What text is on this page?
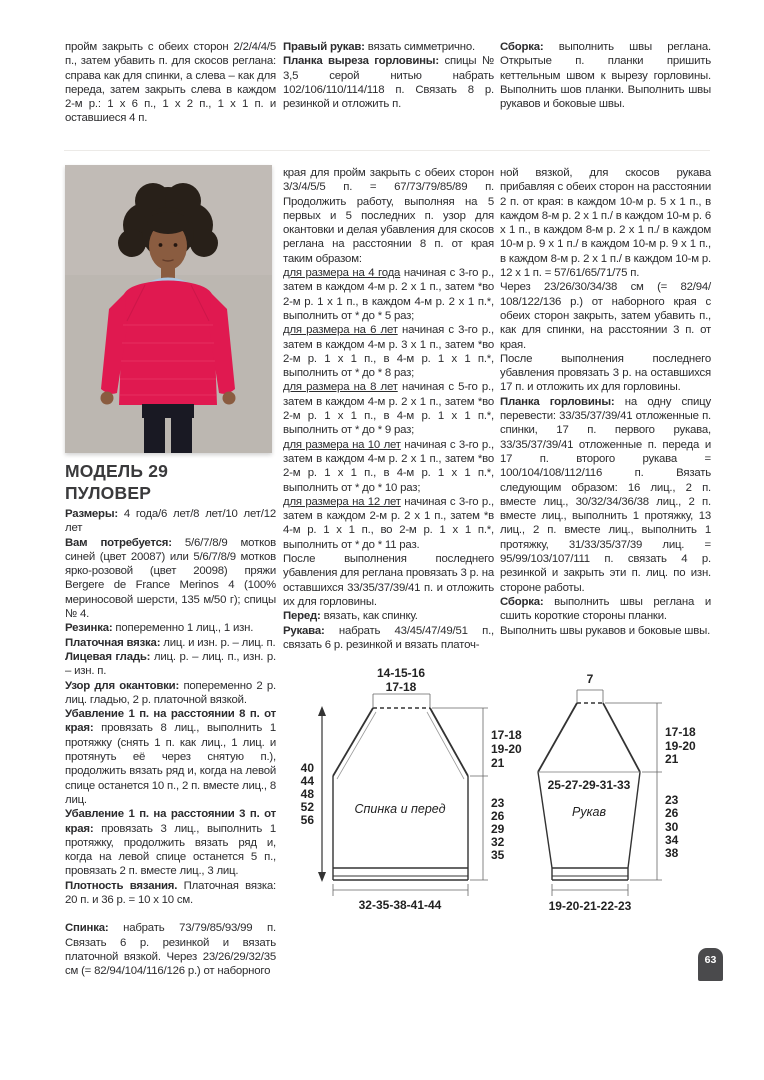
пройм закрыть с обеих сторон 2/2/4/4/5 п., затем убавить п. для скосов реглана: справа как для спинки, а слева – как для переда, затем закрыть слева в каждом 2-м р.: 1 х 6 п., 1 х 2 п., 1 х 1 п. и оставшиеся 4 п.

Правый рукав: вязать симметрично.

Планка выреза горловины: спицы № 3,5 серой нитью набрать 102/106/110/114/118 п. Связать 8 р. резинкой и отложить п.

Сборка: выполнить швы реглана. Открытые п. планки пришить кеттельным швом к вырезу горловины. Выполнить шов планки. Выполнить швы рукавов и боковые швы.

МОДЕЛЬ 29
ПУЛОВЕР

Размеры: 4 года/6 лет/8 лет/10 лет/12 лет

Вам потребуется: 5/6/7/8/9 мотков синей (цвет 20087) или 5/6/7/8/9 мотков ярко-розовой (цвет 20098) пряжи Bergere de France Merinos 4 (100% мериносовой шерсти, 135 м/50 г); спицы № 4.

Резинка: попеременно 1 лиц., 1 изн.

Платочная вязка: лиц. и изн. р. – лиц. п.

Лицевая гладь: лиц. р. – лиц. п., изн. р. – изн. п.

Узор для окантовки: попеременно 2 р. лиц. гладью, 2 р. платочной вязкой.

Убавление 1 п. на расстоянии 8 п. от края: провязать 8 лиц., выполнить 1 протяжку (снять 1 п. как лиц., 1 лиц. и протянуть её через снятую п.), продолжить вязать ряд и, когда на левой спице останется 10 п., 2 п. вместе лиц., 8 лиц.

Убавление 1 п. на расстоянии 3 п. от края: провязать 3 лиц., выполнить 1 протяжку, продолжить вязать ряд и, когда на левой спице останется 5 п., провязать 2 п. вместе лиц., 3 лиц.

Плотность вязания. Платочная вязка: 20 п. и 36 р. = 10 х 10 см.

Спинка: набрать 73/79/85/93/99 п. Связать 6 р. резинкой и вязать платочной вязкой. Через 23/26/29/32/35 см (= 82/94/104/116/126 р.) от наборного

края для пройм закрыть с обеих сторон 3/3/4/5/5 п. = 67/73/79/85/89 п. Продолжить работу, выполняя на 5 первых и 5 последних п. узор для окантовки и делая убавления для скосов реглана на расстоянии 8 п. от края таким образом:

для размера на 4 года начиная с 3-го р., затем в каждом 4-м р. 2 х 1 п., затем *во 2-м р. 1 х 1 п., в каждом 4-м р. 2 х 1 п.*, выполнить от * до * 5 раз;

для размера на 6 лет начиная с 3-го р., затем в каждом 4-м р. 3 х 1 п., затем *во 2-м р. 1 х 1 п., в 4-м р. 1 х 1 п.*, выполнить от * до * 8 раз;

для размера на 8 лет начиная с 5-го р., затем в каждом 4-м р. 2 х 1 п., затем *во 2-м р. 1 х 1 п., в 4-м р. 1 х 1 п.*, выполнить от * до * 9 раз;

для размера на 10 лет начиная с 3-го р., затем в каждом 4-м р. 2 х 1 п., затем *во 2-м р. 1 х 1 п., в 4-м р. 1 х 1 п.*, выполнить от * до * 10 раз;

для размера на 12 лет начиная с 3-го р., затем в каждом 2-м р. 2 х 1 п., затем *в 4-м р. 1 х 1 п., во 2-м р. 1 х 1 п.*, выполнить от * до * 11 раз.

После выполнения последнего убавления для реглана провязать 3 р. на оставшихся 33/35/37/39/41 п. и отложить их для горловины.

Перед: вязать, как спинку.

Рукава: набрать 43/45/47/49/51 п., связать 6 р. резинкой и вязать платоч-

ной вязкой, для скосов рукава прибавляя с обеих сторон на расстоянии 2 п. от края: в каждом 10-м р. 5 х 1 п., в каждом 8-м р. 2 х 1 п./ в каждом 10-м р. 6 х 1 п., в каждом 8-м р. 2 х 1 п./ в каждом 10-м р. 9 х 1 п./ в каждом 10-м р. 9 х 1 п., в каждом 8-м р. 2 х 1 п./ в каждом 10-м р. 12 х 1 п. = 57/61/65/71/75 п.

Через 23/26/30/34/38 см (= 82/94/ 108/122/136 р.) от наборного края с обеих сторон закрыть, затем убавить п., как для спинки, на расстоянии 3 п. от края.

После выполнения последнего убавления провязать 3 р. на оставшихся 17 п. и отложить их для горловины.

Планка горловины: на одну спицу перевести: 33/35/37/39/41 отложенные п. спинки, 17 п. первого рукава, 33/35/37/39/41 отложенные п. переда и 17 п. второго рукава = 100/104/108/112/116 п. Вязать следующим образом: 16 лиц., 2 п. вместе лиц., 30/32/34/36/38 лиц., 2 п. вместе лиц., выполнить 1 протяжку, 13 лиц., 2 п. вместе лиц., выполнить 1 протяжку, 31/33/35/37/39 лиц. = 95/99/103/107/111 п. связать 4 р. резинкой и закрыть эти п. лиц. по изн. стороне работы.

Сборка: выполнить швы реглана и сшить короткие стороны планки.

Выполнить швы рукавов и боковые швы.

14-15-16
17-18
40
44
48
52
56
17-18
19-20
21
23
26
29
32
35
Спинка и перед
32-35-38-41-44
7
25-27-29-31-33
Рукав
17-18
19-20
21
23
26
30
34
38
19-20-21-22-23
63
